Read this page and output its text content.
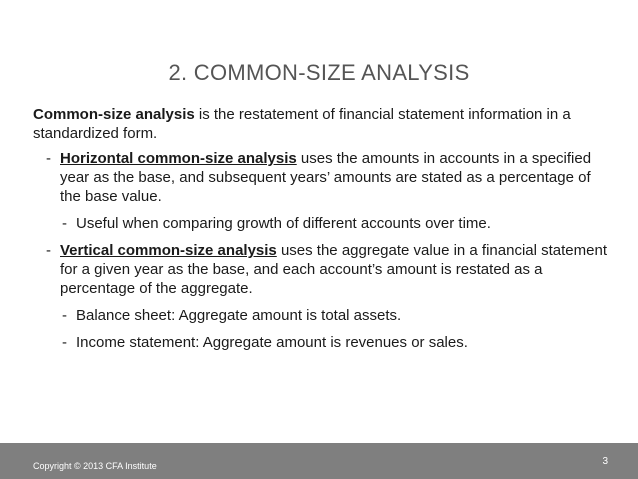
2. COMMON-SIZE ANALYSIS

Common-size analysis is the restatement of financial statement information in a standardized form.

- Horizontal common-size analysis uses the amounts in accounts in a specified year as the base, and subsequent years’ amounts are stated as a percentage of the base value.
- Useful when comparing growth of different accounts over time.
- Vertical common-size analysis uses the aggregate value in a financial statement for a given year as the base, and each account’s amount is restated as a percentage of the aggregate.
- Balance sheet: Aggregate amount is total assets.
- Income statement: Aggregate amount is revenues or sales.
Copyright © 2013 CFA Institute	3
